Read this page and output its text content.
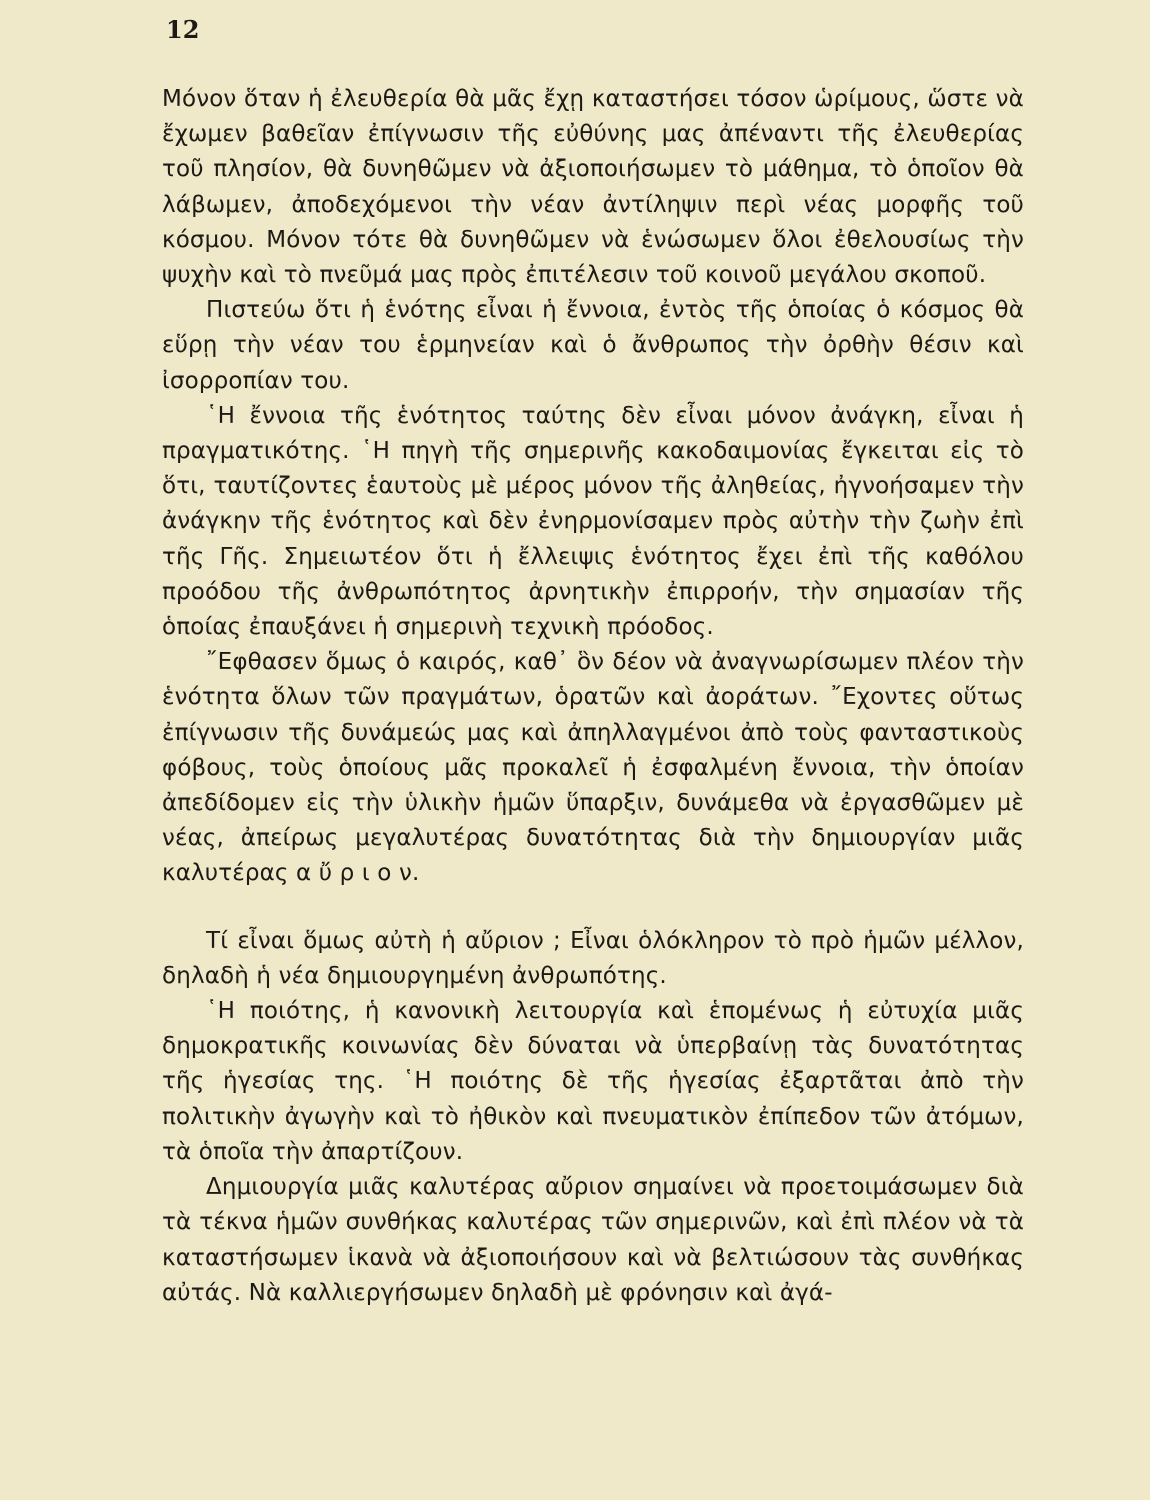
12

Μόνον ὅταν ἡ ἐλευθερία θὰ μᾶς ἔχῃ καταστήσει τόσον ὡρίμους, ὥστε νὰ ἔχωμεν βαθεῖαν ἐπίγνωσιν τῆς εὐθύνης μας ἀπέναντι τῆς ἐλευθερίας τοῦ πλησίον, θὰ δυνηθῶμεν νὰ ἀξιοποιήσωμεν τὸ μάθημα, τὸ ὁποῖον θὰ λάβωμεν, ἀποδεχόμενοι τὴν νέαν ἀντίληψιν περὶ νέας μορφῆς τοῦ κόσμου. Μόνον τότε θὰ δυνηθῶμεν νὰ ἑνώσωμεν ὅλοι ἐθελουσίως τὴν ψυχὴν καὶ τὸ πνεῦμά μας πρὸς ἐπιτέλεσιν τοῦ κοινοῦ μεγάλου σκοποῦ.

Πιστεύω ὅτι ἡ ἑνότης εἶναι ἡ ἔννοια, ἐντὸς τῆς ὁποίας ὁ κόσμος θὰ εὕρῃ τὴν νέαν του ἑρμηνείαν καὶ ὁ ἄνθρωπος τὴν ὀρθὴν θέσιν καὶ ἰσορροπίαν του.

῾Η ἔννοια τῆς ἑνότητος ταύτης δὲν εἶναι μόνον ἀνάγκη, εἶναι ἡ πραγματικότης. ῾Η πηγὴ τῆς σημερινῆς κακοδαιμονίας ἔγκειται εἰς τὸ ὅτι, ταυτίζοντες ἑαυτοὺς μὲ μέρος μόνον τῆς ἀληθείας, ἠγνοήσαμεν τὴν ἀνάγκην τῆς ἑνότητος καὶ δὲν ἐνηρμονίσαμεν πρὸς αὐτὴν τὴν ζωὴν ἐπὶ τῆς Γῆς. Σημειωτέον ὅτι ἡ ἔλλειψις ἑνότητος ἔχει ἐπὶ τῆς καθόλου προόδου τῆς ἀνθρωπότητος ἀρνητικὴν ἐπιρροήν, τὴν σημασίαν τῆς ὁποίας ἐπαυξάνει ἡ σημερινὴ τεχνικὴ πρόοδος.

῎Εφθασεν ὅμως ὁ καιρός, καθ᾿ ὃν δέον νὰ ἀναγνωρίσωμεν πλέον τὴν ἑνότητα ὅλων τῶν πραγμάτων, ὁρατῶν καὶ ἀοράτων. ῎Εχοντες οὕτως ἐπίγνωσιν τῆς δυνάμεώς μας καὶ ἀπηλλαγμένοι ἀπὸ τοὺς φανταστικοὺς φόβους, τοὺς ὁποίους μᾶς προκαλεῖ ἡ ἐσφαλμένη ἔννοια, τὴν ὁποίαν ἀπεδίδομεν εἰς τὴν ὑλικὴν ἡμῶν ὕπαρξιν, δυνάμεθα νὰ ἐργασθῶμεν μὲ νέας, ἀπείρως μεγαλυτέρας δυνατότητας διὰ τὴν δημιουργίαν μιᾶς καλυτέρας α ὔ ρ ι ο ν.

Τί εἶναι ὅμως αὐτὴ ἡ αὔριον ; Εἶναι ὁλόκληρον τὸ πρὸ ἡμῶν μέλλον, δηλαδὴ ἡ νέα δημιουργημένη ἀνθρωπότης.

῾Η ποιότης, ἡ κανονικὴ λειτουργία καὶ ἑπομένως ἡ εὐτυχία μιᾶς δημοκρατικῆς κοινωνίας δὲν δύναται νὰ ὑπερβαίνῃ τὰς δυνατότητας τῆς ἡγεσίας της. ῾Η ποιότης δὲ τῆς ἡγεσίας ἐξαρτᾶται ἀπὸ τὴν πολιτικὴν ἀγωγὴν καὶ τὸ ἠθικὸν καὶ πνευματικὸν ἐπίπεδον τῶν ἀτόμων, τὰ ὁποῖα τὴν ἀπαρτίζουν.

Δημιουργία μιᾶς καλυτέρας αὔριον σημαίνει νὰ προετοιμάσωμεν διὰ τὰ τέκνα ἡμῶν συνθήκας καλυτέρας τῶν σημερινῶν, καὶ ἐπὶ πλέον νὰ τὰ καταστήσωμεν ἱκανὰ νὰ ἀξιοποιήσουν καὶ νὰ βελτιώσουν τὰς συνθήκας αὐτάς. Νὰ καλλιεργήσωμεν δηλαδὴ μὲ φρόνησιν καὶ ἀγά-
